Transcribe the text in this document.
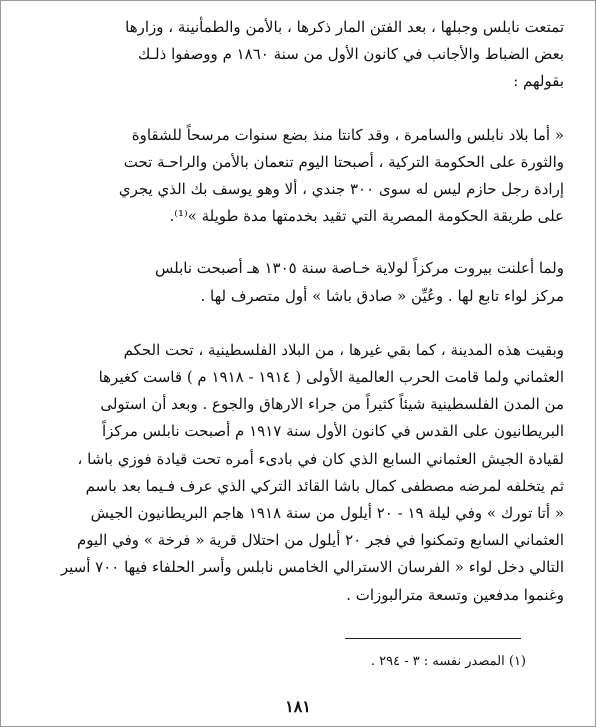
تمتعت نابلس وجبلها ، بعد الفتن المار ذكرها ، بالأمن والطمأنينة ، وزارها
بعض الضباط والأجانب في كانون الأول من سنة ١٨٦٠ م ووصفوا ذلـك
بقولهم :

« أما بلاد نابلس والسامرة ، وقد كانتا منذ بضع سنوات مرسحاً للشقاوة
والثورة على الحكومة التركية ، أصبحتا اليوم تنعمان بالأمن والراحـة تحت
إرادة رجل حازم ليس له سوى ٣٠٠ جندي ، ألا وهو يوسف بك الذي يجري
على طريقة الحكومة المصرية التي تقيد بخدمتها مدة طويلة »⁽¹⁾.

ولما أعلنت بيروت مركزاً لولاية خـاصة سنة ١٣٠٥ هـ أصبحت نابلس
مركز لواء تابع لها . وعُيِّن « صادق باشا » أول متصرف لها .

وبقيت هذه المدينة ، كما بقي غيرها ، من البلاد الفلسطينية ، تحت الحكم
العثماني ولما قامت الحرب العالمية الأولى ( ١٩١٤ - ١٩١٨ م ) قاست كغيرها
من المدن الفلسطينية شيئاً كثيراً من جراء الارهاق والجوع . وبعد أن استولى
البريطانيون على القدس في كانون الأول سنة ١٩١٧ م أصبحت نابلس مركزاً
لقيادة الجيش العثماني السابع الذي كان في بادىء أمره تحت قيادة فوزي باشا ،
ثم يتخلفه لمرضه مصطفى كمال باشا القائد التركي الذي عرف فـيما بعد باسم
« أتا تورك » وفي ليلة ١٩ - ٢٠ أيلول من سنة ١٩١٨ هاجم البريطانيون الجيش
العثماني السابع وتمكنوا في فجر ٢٠ أيلول من احتلال قرية « فرخة » وفي اليوم
التالي دخل لواء « الفرسان الاسترالي الخامس نابلس وأسر الحلفاء فيها ٧٠٠ أسير
وغنموا مدفعين وتسعة مترالبوزات .

(١) المصدر نفسه : ٣ - ٢٩٤ .
١٨١
